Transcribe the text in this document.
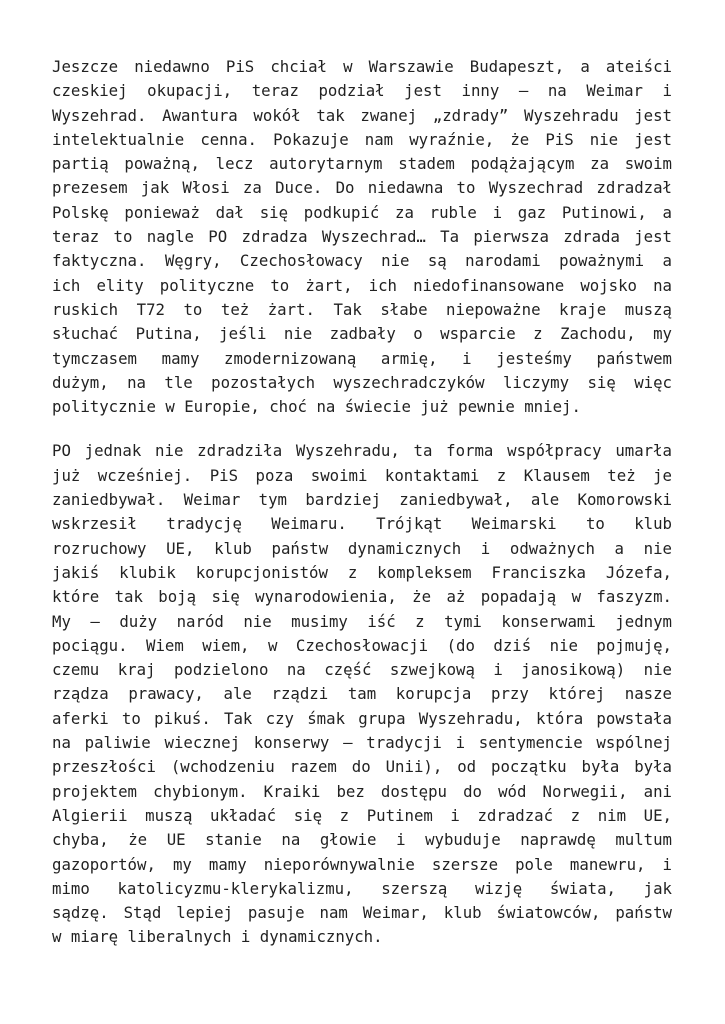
Jeszcze niedawno PiS chciał w Warszawie Budapeszt, a ateiści
czeskiej okupacji, teraz podział jest inny – na Weimar i
Wyszehrad. Awantura wokół tak zwanej „zdrady” Wyszehradu jest
intelektualnie cenna. Pokazuje nam wyraźnie, że PiS nie jest
partią poważną, lecz autorytarnym stadem podążającym za swoim
prezesem jak Włosi za Duce. Do niedawna to Wyszechrad zdradzał
Polskę ponieważ dał się podkupić za ruble i gaz Putinowi, a
teraz to nagle PO zdradza Wyszechrad… Ta pierwsza zdrada jest
faktyczna. Węgry, Czechosłowacy nie są narodami poważnymi a
ich elity polityczne to żart, ich niedofinansowane wojsko na
ruskich T72 to też żart. Tak słabe niepoważne kraje muszą
słuchać Putina, jeśli nie zadbały o wsparcie z Zachodu, my
tymczasem mamy zmodernizowaną armię, i jesteśmy państwem
dużym, na tle pozostałych wyszechradczyków liczymy się więc
politycznie w Europie, choć na świecie już pewnie mniej.

PO jednak nie zdradziła Wyszehradu, ta forma współpracy umarła
już wcześniej. PiS poza swoimi kontaktami z Klausem też je
zaniedbywał. Weimar tym bardziej zaniedbywał, ale Komorowski
wskrzesił tradycję Weimaru. Trójkąt Weimarski to klub
rozruchowy UE, klub państw dynamicznych i odważnych a nie
jakiś klubik korupcjonistów z kompleksem Franciszka Józefa,
które tak boją się wynarodowienia, że aż popadają w faszyzm.
My – duży naród nie musimy iść z tymi konserwami jednym
pociągu. Wiem wiem, w Czechosłowacji (do dziś nie pojmuję,
czemu kraj podzielono na część szwejkową i janosikową) nie
rządza prawacy, ale rządzi tam korupcja przy której nasze
aferki to pikuś. Tak czy śmak grupa Wyszehradu, która powstała
na paliwie wiecznej konserwy – tradycji i sentymencie wspólnej
przeszłości (wchodzeniu razem do Unii), od początku była była
projektem chybionym. Kraiki bez dostępu do wód Norwegii, ani
Algierii muszą układać się z Putinem i zdradzać z nim UE,
chyba, że UE stanie na głowie i wybuduje naprawdę multum
gazoportów, my mamy nieporównywalnie szersze pole manewru, i
mimo katolicyzmu-klerykalizmu, szerszą wizję świata, jak
sądzę. Stąd lepiej pasuje nam Weimar, klub światowców, państw
w miarę liberalnych i dynamicznych.
